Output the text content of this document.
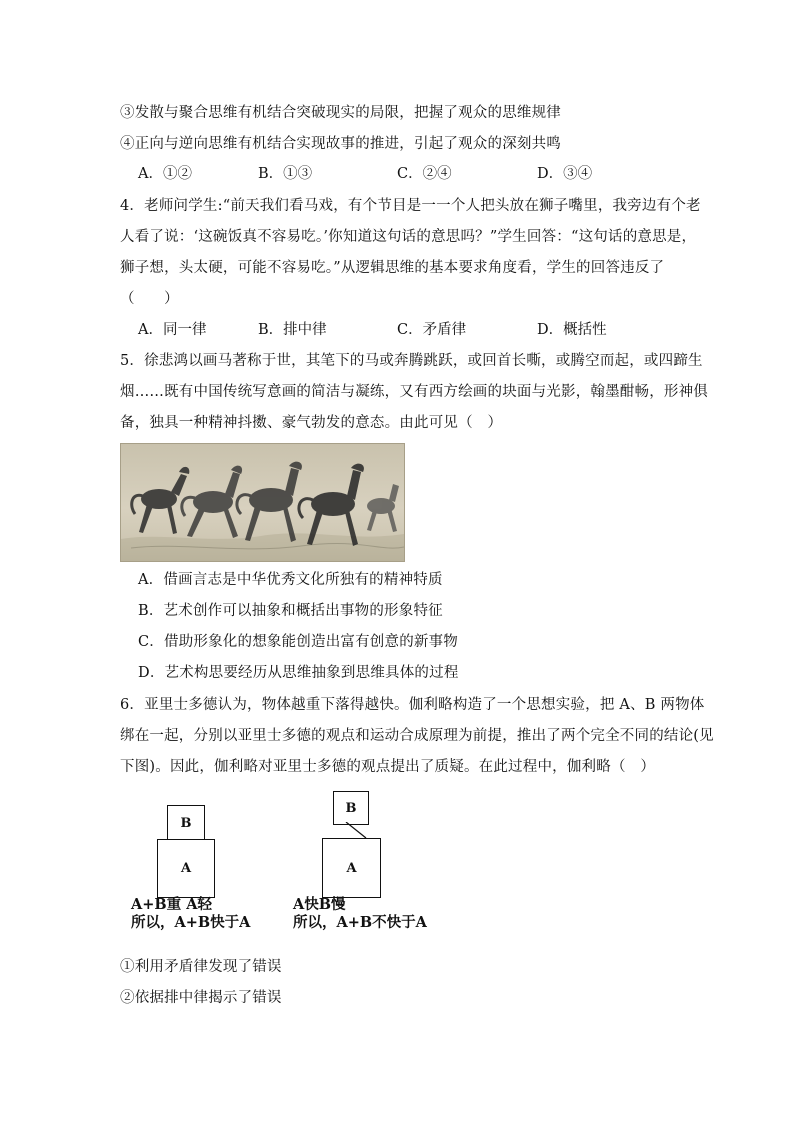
③发散与聚合思维有机结合突破现实的局限，把握了观众的思维规律
④正向与逆向思维有机结合实现故事的推进，引起了观众的深刻共鸣
A．①②	B．①③	C．②④	D．③④
4．老师问学生:“前天我们看马戏，有个节目是一一个人把头放在狮子嘴里，我旁边有个老
人看了说：‘这碗饭真不容易吃。’你知道这句话的意思吗？”学生回答：“这句话的意思是，
狮子想，头太硬，可能不容易吃。”从逻辑思维的基本要求角度看，学生的回答违反了
（　　）
A．同一律	B．排中律	C．矛盾律	D．概括性
5．徐悲鸿以画马著称于世，其笔下的马或奔腾跳跃，或回首长嘶，或腾空而起，或四蹄生
烟……既有中国传统写意画的简洁与凝练，又有西方绘画的块面与光影，翰墨酣畅，形神俱
备，独具一种精神抖擞、豪气勃发的意态。由此可见（　）
A．借画言志是中华优秀文化所独有的精神特质
B．艺术创作可以抽象和概括出事物的形象特征
C．借助形象化的想象能创造出富有创意的新事物
D．艺术构思要经历从思维抽象到思维具体的过程
6．亚里士多德认为，物体越重下落得越快。伽利略构造了一个思想实验，把 A、B 两物体
绑在一起，分别以亚里士多德的观点和运动合成原理为前提，推出了两个完全不同的结论(见
下图)。因此，伽利略对亚里士多德的观点提出了质疑。在此过程中，伽利略（　）
B
A
A+B重 A轻
所以，A+B快于A
B
A
A快B慢
所以，A+B不快于A
①利用矛盾律发现了错误
②依据排中律揭示了错误
